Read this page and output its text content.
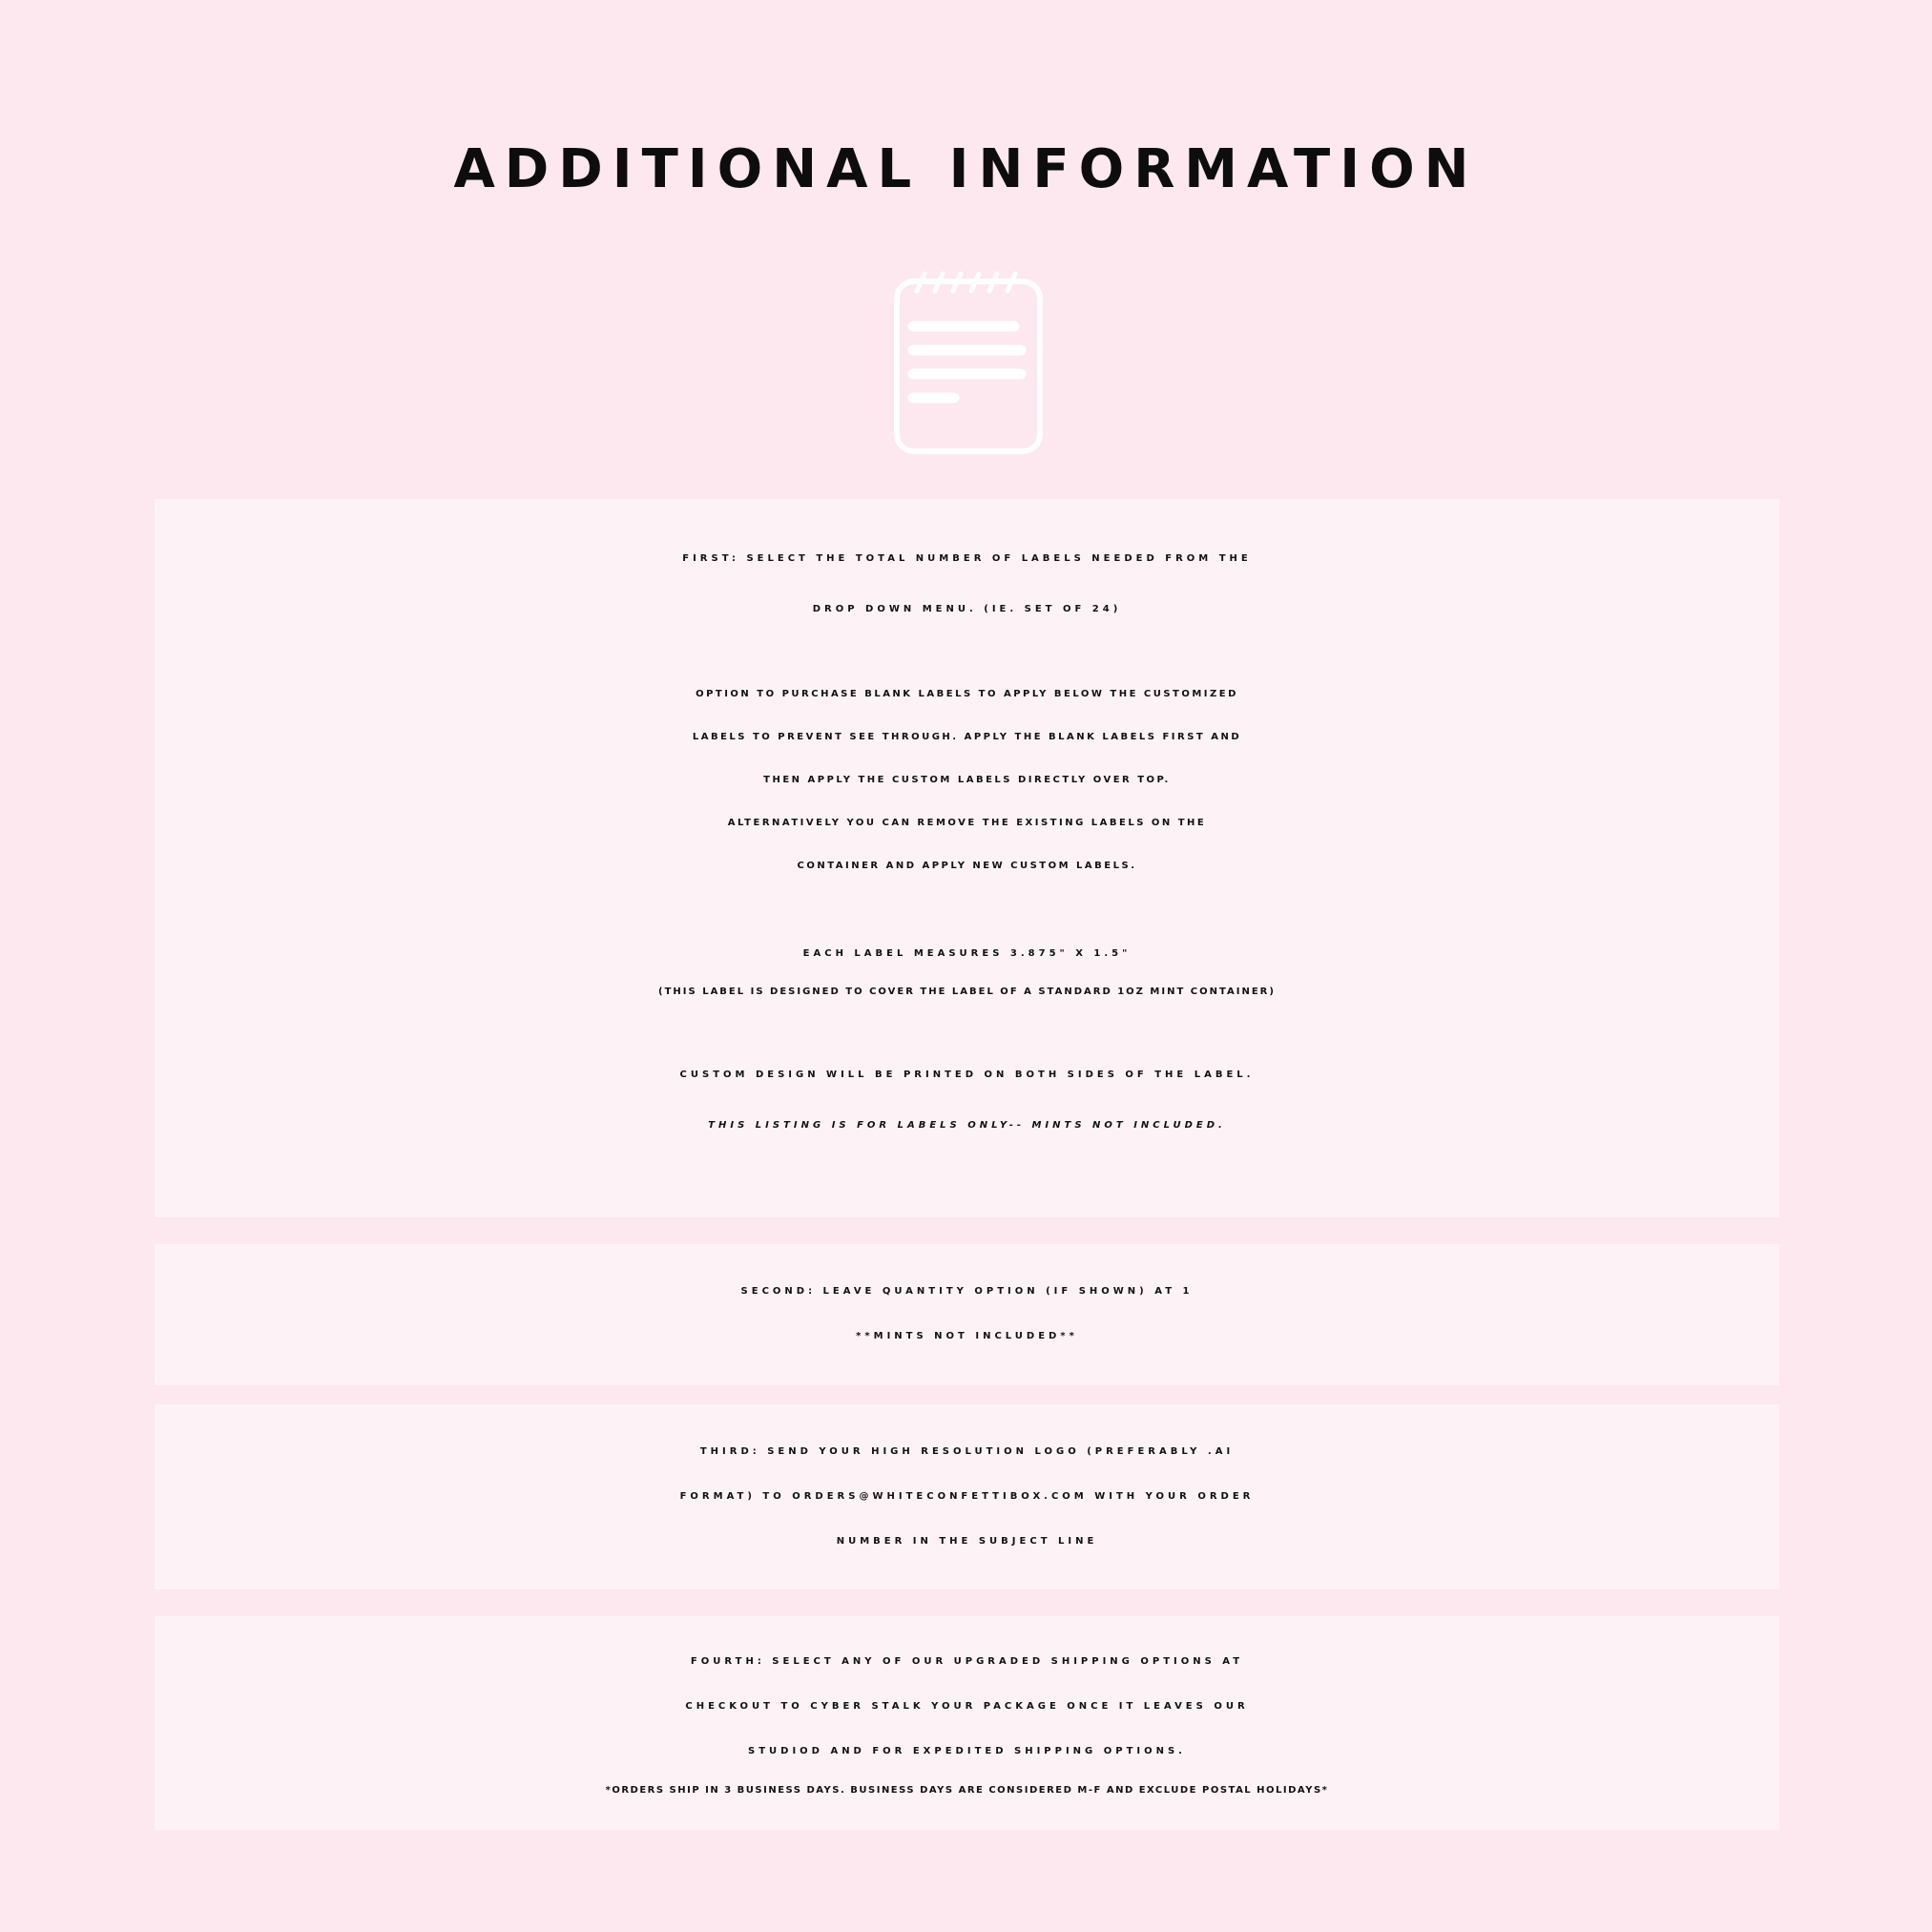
ADDITIONAL INFORMATION

FIRST: SELECT THE TOTAL NUMBER OF LABELS NEEDED FROM THE

DROP DOWN MENU. (IE. SET OF 24)

OPTION TO PURCHASE BLANK LABELS TO APPLY BELOW THE CUSTOMIZED

LABELS TO PREVENT SEE THROUGH. APPLY THE BLANK LABELS FIRST AND

THEN APPLY THE CUSTOM LABELS DIRECTLY OVER TOP.

ALTERNATIVELY YOU CAN REMOVE THE EXISTING LABELS ON THE

CONTAINER AND APPLY NEW CUSTOM LABELS.

EACH LABEL MEASURES 3.875" X 1.5"

(THIS LABEL IS DESIGNED TO COVER THE LABEL OF A STANDARD 1OZ MINT CONTAINER)

CUSTOM DESIGN WILL BE PRINTED ON BOTH SIDES OF THE LABEL.

THIS LISTING IS FOR LABELS ONLY-- MINTS NOT INCLUDED.

SECOND: LEAVE QUANTITY OPTION (IF SHOWN) AT 1

**MINTS NOT INCLUDED**

THIRD: SEND YOUR HIGH RESOLUTION LOGO (PREFERABLY .AI

FORMAT) TO ORDERS@WHITECONFETTIBOX.COM WITH YOUR ORDER

NUMBER IN THE SUBJECT LINE

FOURTH: SELECT ANY OF OUR UPGRADED SHIPPING OPTIONS AT

CHECKOUT TO CYBER STALK YOUR PACKAGE ONCE IT LEAVES OUR

STUDIOD AND FOR EXPEDITED SHIPPING OPTIONS.

*ORDERS SHIP IN 3 BUSINESS DAYS. BUSINESS DAYS ARE CONSIDERED M-F AND EXCLUDE POSTAL HOLIDAYS*
